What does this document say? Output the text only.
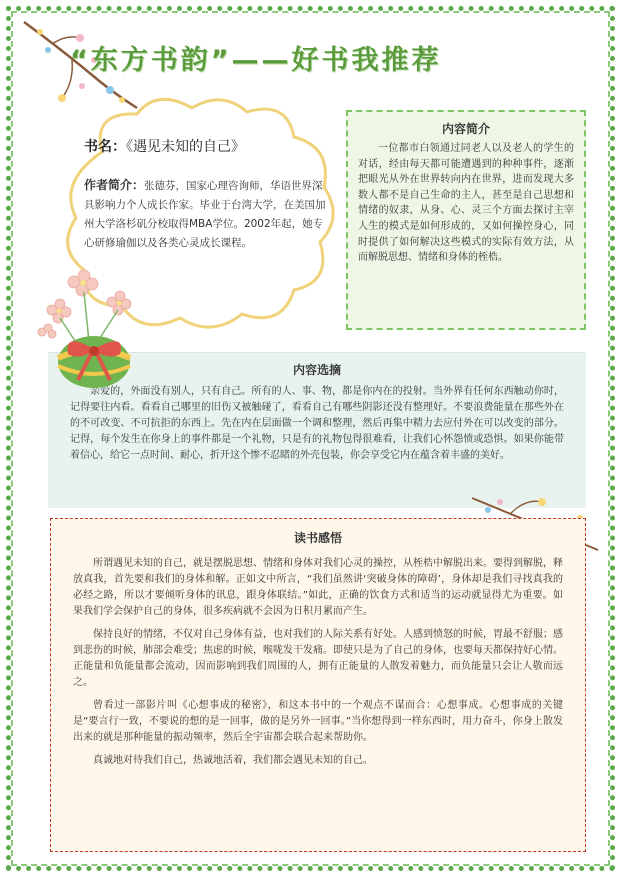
“东方书韵”——好书我推荐
书名：《遇见未知的自己》
作者简介：张德芬，国家心理咨询师，华语世界深具影响力个人成长作家。毕业于台湾大学，在美国加州大学洛杉矶分校取得MBA学位。2002年起，她专心研修瑜伽以及各类心灵成长课程。
内容简介

一位都市白领通过同老人以及老人的学生的对话，经由每天都可能遭遇到的种种事件，逐渐把眼光从外在世界转向内在世界，进而发现大多数人都不是自己生命的主人，甚至是自己思想和情绪的奴隶，从身、心、灵三个方面去探讨主宰人生的模式是如何形成的，又如何操控身心，同时提供了如何解决这些模式的实际有效方法，从而解脱思想、情绪和身体的桎梏。

内容选摘

亲爱的，外面没有别人，只有自己。所有的人、事、物，都是你内在的投射。当外界有任何东西触动你时，记得要往内看。看看自己哪里的旧伤又被触碰了，看看自己有哪些阴影还没有整理好。不要浪费能量在那些外在的不可改变、不可抗拒的东西上。先在内在层面做一个调和整理，然后再集中精力去应付外在可以改变的部分。记得，每个发生在你身上的事件都是一个礼物，只是有的礼物包得很难看，让我们心怀怨愤或恐惧。如果你能带着信心，给它一点时间、耐心，折开这个惨不忍睹的外壳包装，你会享受它内在蕴含着丰盛的美好。

读书感悟

所谓遇见未知的自己，就是摆脱思想、情绪和身体对我们心灵的操控，从桎梏中解脱出来。要得到解脱，释放真我，首先要和我们的身体和解。正如文中所言，“我们虽然讲‘突破身体的障碍’，身体却是我们寻找真我的必经之路，所以才要倾听身体的讯息，跟身体联结。”如此，正确的饮食方式和适当的运动就显得尤为重要。如果我们学会保护自己的身体，很多疾病就不会因为日积月累而产生。

保持良好的情绪，不仅对自己身体有益，也对我们的人际关系有好处。人感到愤怒的时候，胃最不舒服；感到悲伤的时候，肺部会难受；焦虑的时候，喉咙发干发痛。即使只是为了自己的身体，也要每天都保持好心情。正能量和负能量都会流动，因而影响到我们周围的人，拥有正能量的人散发着魅力，而负能量只会让人敬而远之。

曾看过一部影片叫《心想事成的秘密》，和这本书中的一个观点不谋而合：心想事成。心想事成的关键是“要言行一致，不要说的想的是一回事，做的是另外一回事。”当你想得到一样东西时，用力奋斗，你身上散发出来的就是那种能量的振动频率，然后全宇宙都会联合起来帮助你。

真诚地对待我们自己，热诚地活着，我们都会遇见未知的自己。
